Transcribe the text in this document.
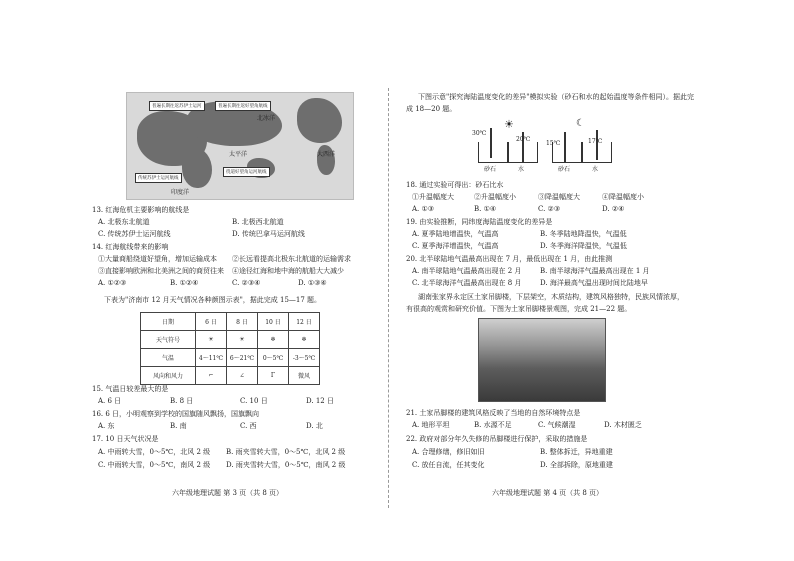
普遍长期往返苏伊士运河	普遍长期往返好望角航线
传统苏伊士运河航线
绕道好望角运河航线
北冰洋
太平洋	大西洋
印度洋
13. 红海危机主要影响的航线是
A. 北极东北航道	B. 北极西北航道
C. 传统苏伊士运河航线	D. 传统巴拿马运河航线
14. 红海航线带来的影响
①大量商船绕道好望角，增加运输成本 ②长远看提高北极东北航道的运输需求
③直接影响欧洲和北美洲之间的商贸往来 ④途径红海和地中海的航船大大减少
A. ①②③	B. ①②④	C. ②③④	D. ①③④
下表为"济南市 12 月天气情况各种颜图示表"，据此完成 15—17 题。
日期	6 日	8 日	10 日	12 日
天气符号	☀	☀	❄	❄
气温	4～11℃	6～21℃	0～5℃	-3～5℃
风向和风力	⌐	∠	Γ	微风
15. 气温日较差最大的是
A. 6 日	B. 8 日	C. 10 日	D. 12 日
16. 6 日，小明观察到学校的国旗随风飘扬，国旗飘向
A. 东	B. 南	C. 西	D. 北
17. 10 日天气状况是
A. 中雨转大雪，0～5℃，北风 2 级 B. 雨夹雪转大雪，0～5℃，北风 2 级
C. 中雨转大雪，0～5℃，南风 2 级 D. 雨夹雪转大雪，0～5℃，南风 2 级
六年级地理试题 第 3 页（共 8 页）
下图示意"探究海陆温度变化的差异"模拟实验（砂石和水的起始温度等条件相同）。据此完
成 18—20 题。
☀	☾
30℃
20℃
15℃	17℃
砂石	水	砂石	水
18. 通过实验可得出：砂石比水
①升温幅度大	②升温幅度小	③降温幅度大	④降温幅度小
A. ①③	B. ①④	C. ②③	D. ②④
19. 由实验推断，同纬度海陆温度变化的差异是
A. 夏季陆地增温快，气温高	B. 冬季陆地降温快，气温低
C. 夏季海洋增温快，气温高	D. 冬季海洋降温快，气温低
20. 北半球陆地气温最高出现在 7 月，最低出现在 1 月，由此推测
A. 南半球陆地气温最高出现在 2 月	B. 南半球海洋气温最高出现在 1 月
C. 北半球海洋气温最高出现在 8 月	D. 海洋最高气温出现时间比陆地早
湖南张家界永定区土家吊脚楼，下层架空，木质结构，建筑风格独特，民族风情浓厚，
有很高的观赏和研究价值。下图为土家吊脚楼景观图，完成 21—22 题。
21. 土家吊脚楼的建筑风格反映了当地的自然环境特点是
A. 地形平坦	B. 水源不足	C. 气候潮湿	D. 木材匮乏
22. 政府对部分年久失修的吊脚楼进行保护，采取的措施是
A. 合理修缮，修旧如旧	B. 整体拆迁，异地重建
C. 放任自流，任其变化	D. 全部拆除，原地重建
六年级地理试题 第 4 页（共 8 页）
